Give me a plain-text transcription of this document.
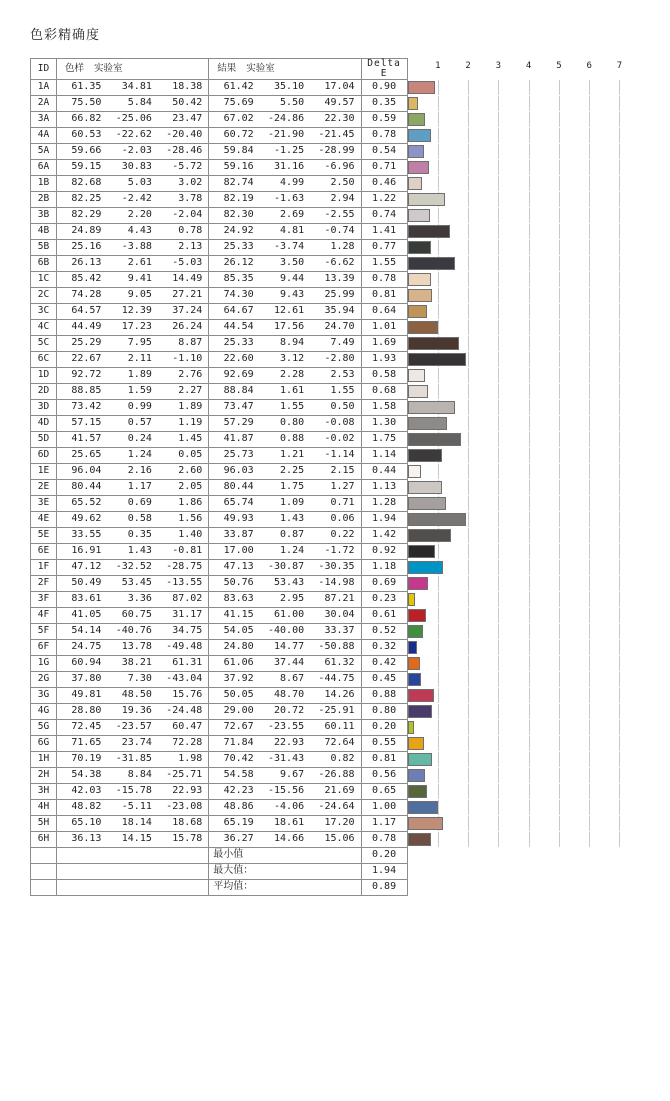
色彩精确度
ID	色样 实验室	結果 实验室	Delta E	
1	2	3	4	5	6	7

1A	61.35 34.81 18.38	61.42 35.10 17.04	0.90	

2A	75.50 5.84 50.42	75.69 5.50 49.57	0.35	

3A	66.82 -25.06 23.47	67.02 -24.86 22.30	0.59	

4A	60.53 -22.62 -20.40	60.72 -21.90 -21.45	0.78	

5A	59.66 -2.03 -28.46	59.84 -1.25 -28.99	0.54	

6A	59.15 30.83 -5.72	59.16 31.16 -6.96	0.71	

1B	82.68 5.03 3.02	82.74 4.99 2.50	0.46	

2B	82.25 -2.42 3.78	82.19 -1.63 2.94	1.22	

3B	82.29 2.20 -2.04	82.30 2.69 -2.55	0.74	

4B	24.89 4.43 0.78	24.92 4.81 -0.74	1.41	

5B	25.16 -3.88 2.13	25.33 -3.74 1.28	0.77	

6B	26.13 2.61 -5.03	26.12 3.50 -6.62	1.55	

1C	85.42 9.41 14.49	85.35 9.44 13.39	0.78	

2C	74.28 9.05 27.21	74.30 9.43 25.99	0.81	

3C	64.57 12.39 37.24	64.67 12.61 35.94	0.64	

4C	44.49 17.23 26.24	44.54 17.56 24.70	1.01	

5C	25.29 7.95 8.87	25.33 8.94 7.49	1.69	

6C	22.67 2.11 -1.10	22.60 3.12 -2.80	1.93	

1D	92.72 1.89 2.76	92.69 2.28 2.53	0.58	

2D	88.85 1.59 2.27	88.84 1.61 1.55	0.68	

3D	73.42 0.99 1.89	73.47 1.55 0.50	1.58	

4D	57.15 0.57 1.19	57.29 0.80 -0.08	1.30	

5D	41.57 0.24 1.45	41.87 0.88 -0.02	1.75	

6D	25.65 1.24 0.05	25.73 1.21 -1.14	1.14	

1E	96.04 2.16 2.60	96.03 2.25 2.15	0.44	

2E	80.44 1.17 2.05	80.44 1.75 1.27	1.13	

3E	65.52 0.69 1.86	65.74 1.09 0.71	1.28	

4E	49.62 0.58 1.56	49.93 1.43 0.06	1.94	

5E	33.55 0.35 1.40	33.87 0.87 0.22	1.42	

6E	16.91 1.43 -0.81	17.00 1.24 -1.72	0.92	

1F	47.12 -32.52 -28.75	47.13 -30.87 -30.35	1.18	

2F	50.49 53.45 -13.55	50.76 53.43 -14.98	0.69	

3F	83.61 3.36 87.02	83.63 2.95 87.21	0.23	

4F	41.05 60.75 31.17	41.15 61.00 30.04	0.61	

5F	54.14 -40.76 34.75	54.05 -40.00 33.37	0.52	

6F	24.75 13.78 -49.48	24.80 14.77 -50.88	0.32	

1G	60.94 38.21 61.31	61.06 37.44 61.32	0.42	

2G	37.80 7.30 -43.04	37.92 8.67 -44.75	0.45	

3G	49.81 48.50 15.76	50.05 48.70 14.26	0.88	

4G	28.80 19.36 -24.48	29.00 20.72 -25.91	0.80	

5G	72.45 -23.57 60.47	72.67 -23.55 60.11	0.20	

6G	71.65 23.74 72.28	71.84 22.93 72.64	0.55	

1H	70.19 -31.85 1.98	70.42 -31.43 0.82	0.81	

2H	54.38 8.84 -25.71	54.58 9.67 -26.88	0.56	

3H	42.03 -15.78 22.93	42.23 -15.56 21.69	0.65	

4H	48.82 -5.11 -23.08	48.86 -4.06 -24.64	1.00	

5H	65.10 18.14 18.68	65.19 18.61 17.20	1.17	

6H	36.13 14.15 15.78	36.27 14.66 15.06	0.78	

		最小值	0.20	
		最大值：	1.94	
		平均值：	0.89	
